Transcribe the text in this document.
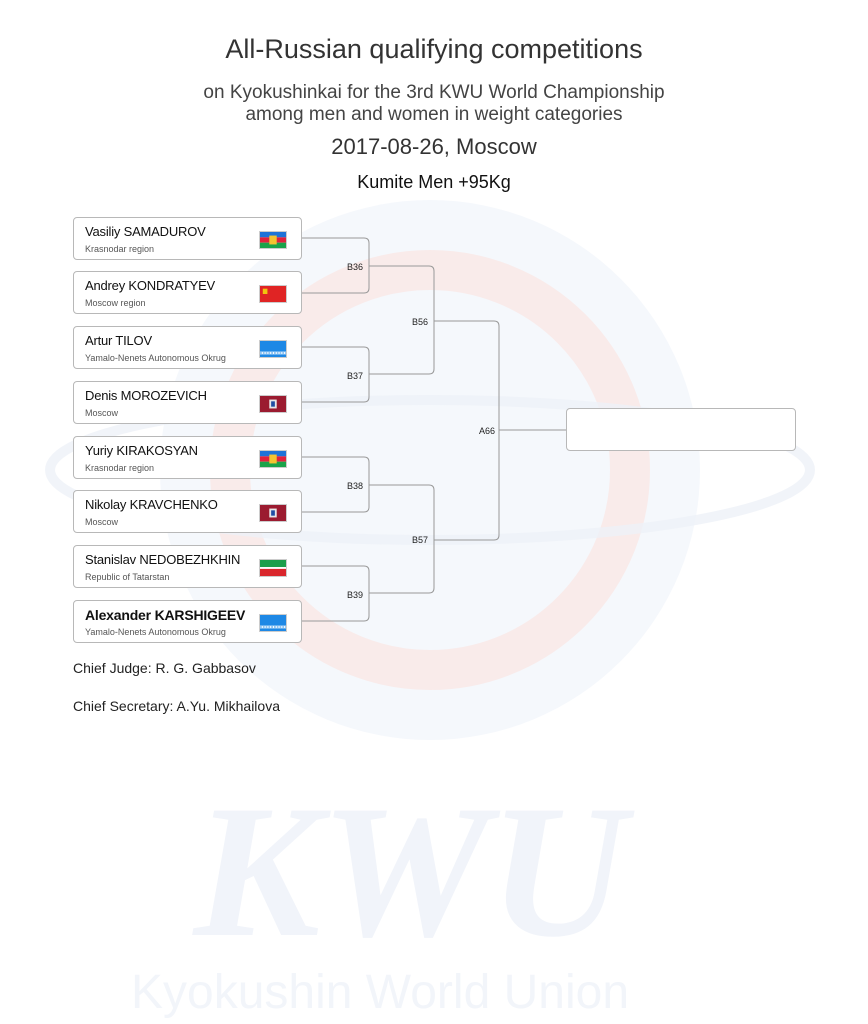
KWU
Kyokushin World Union
All-Russian qualifying competitions
on Kyokushinkai for the 3rd KWU World Championship
among men and women in weight categories
2017-08-26, Moscow
Kumite Men +95Kg
B36
B37
B38
B39
B56
B57
A66
Vasiliy SAMADUROV
Krasnodar region
Andrey KONDRATYEV
Moscow region
Artur TILOV
Yamalo-Nenets Autonomous Okrug
Denis MOROZEVICH
Moscow
Yuriy KIRAKOSYAN
Krasnodar region
Nikolay KRAVCHENKO
Moscow
Stanislav NEDOBEZHKHIN
Republic of Tatarstan
Alexander KARSHIGEEV
Yamalo-Nenets Autonomous Okrug
Chief Judge: R. G. Gabbasov
Chief Secretary: A.Yu. Mikhailova
